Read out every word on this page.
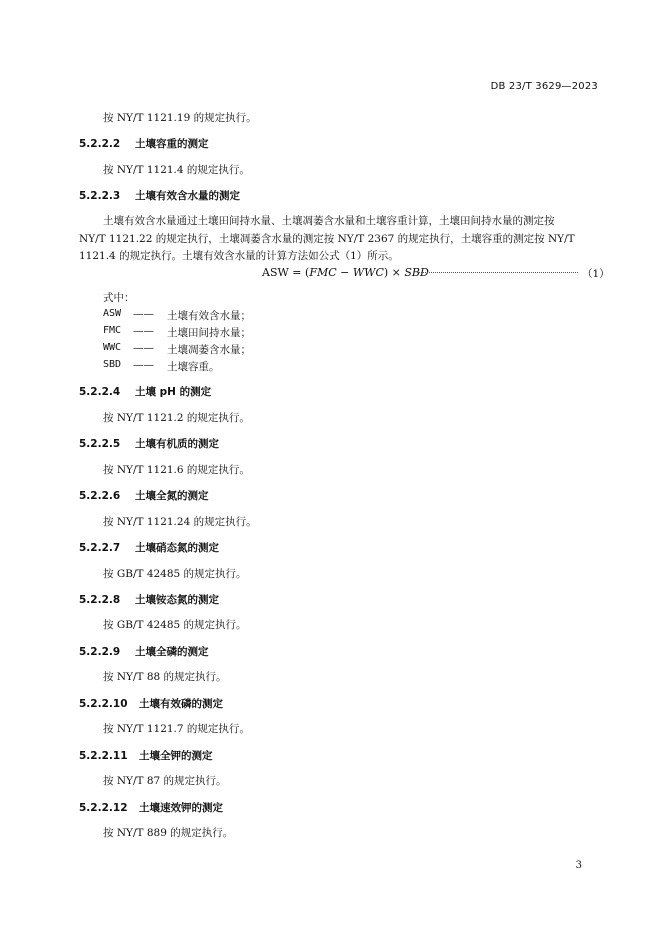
DB 23/T 3629—2023
按 NY/T 1121.19 的规定执行。
5.2.2.2 土壤容重的测定
按 NY/T 1121.4 的规定执行。
5.2.2.3 土壤有效含水量的测定
土壤有效含水量通过土壤田间持水量、土壤凋萎含水量和土壤容重计算，土壤田间持水量的测定按
NY/T 1121.22 的规定执行，土壤凋萎含水量的测定按 NY/T 2367 的规定执行，土壤容重的测定按 NY/T
1121.4 的规定执行。土壤有效含水量的计算方法如公式（1）所示。
ASW = (FMC − WWC) × SBD	（1）
式中：
ASW	—— 土壤有效含水量；
FMC	—— 土壤田间持水量；
WWC	—— 土壤凋萎含水量；
SBD	—— 土壤容重。
5.2.2.4 土壤 pH 的测定
按 NY/T 1121.2 的规定执行。
5.2.2.5 土壤有机质的测定
按 NY/T 1121.6 的规定执行。
5.2.2.6 土壤全氮的测定
按 NY/T 1121.24 的规定执行。
5.2.2.7 土壤硝态氮的测定
按 GB/T 42485 的规定执行。
5.2.2.8 土壤铵态氮的测定
按 GB/T 42485 的规定执行。
5.2.2.9 土壤全磷的测定
按 NY/T 88 的规定执行。
5.2.2.10 土壤有效磷的测定
按 NY/T 1121.7 的规定执行。
5.2.2.11 土壤全钾的测定
按 NY/T 87 的规定执行。
5.2.2.12 土壤速效钾的测定
按 NY/T 889 的规定执行。
3
